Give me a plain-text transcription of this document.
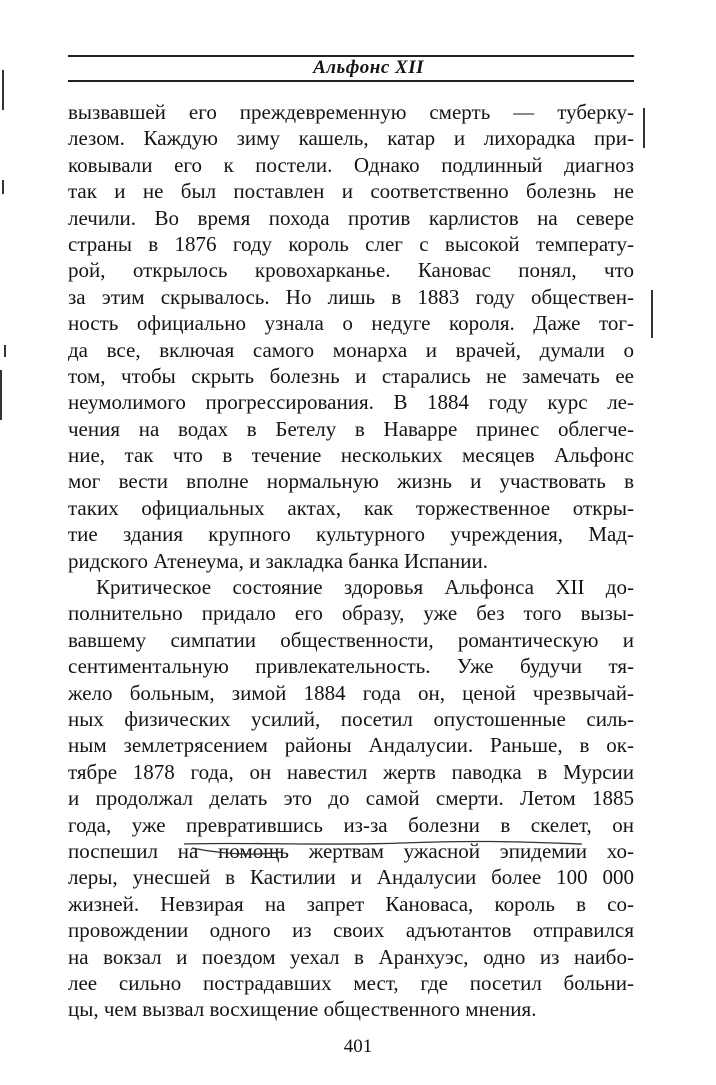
Альфонс XII
вызвавшей его преждевременную смерть — туберку-
лезом. Каждую зиму кашель, катар и лихорадка при-
ковывали его к постели. Однако подлинный диагноз
так и не был поставлен и соответственно болезнь не
лечили. Во время похода против карлистов на севере
страны в 1876 году король слег с высокой температу-
рой, открылось кровохарканье. Кановас понял, что
за этим скрывалось. Но лишь в 1883 году обществен-
ность официально узнала о недуге короля. Даже тог-
да все, включая самого монарха и врачей, думали о
том, чтобы скрыть болезнь и старались не замечать ее
неумолимого прогрессирования. В 1884 году курс ле-
чения на водах в Бетелу в Наварре принес облегче-
ние, так что в течение нескольких месяцев Альфонс
мог вести вполне нормальную жизнь и участвовать в
таких официальных актах, как торжественное откры-
тие здания крупного культурного учреждения, Мад-
ридского Атенеума, и закладка банка Испании.
Критическое состояние здоровья Альфонса XII до-
полнительно придало его образу, уже без того вызы-
вавшему симпатии общественности, романтическую и
сентиментальную привлекательность. Уже будучи тя-
жело больным, зимой 1884 года он, ценой чрезвычай-
ных физических усилий, посетил опустошенные силь-
ным землетрясением районы Андалусии. Раньше, в ок-
тябре 1878 года, он навестил жертв паводка в Мурсии
и продолжал делать это до самой смерти. Летом 1885
года, уже превратившись из-за болезни в скелет, он
поспешил на помощь жертвам ужасной эпидемии хо-
леры, унесшей в Кастилии и Андалусии более 100 000
жизней. Невзирая на запрет Кановаса, король в со-
провождении одного из своих адъютантов отправился
на вокзал и поездом уехал в Аранхуэс, одно из наибо-
лее сильно пострадавших мест, где посетил больни-
цы, чем вызвал восхищение общественного мнения.
401
